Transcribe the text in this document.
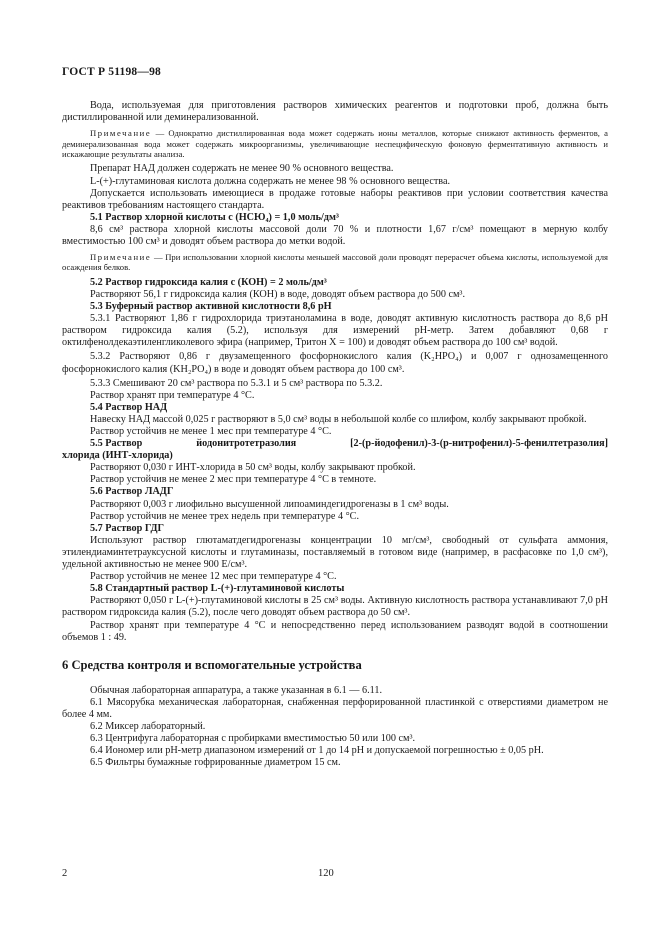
ГОСТ Р 51198—98

Вода, используемая для приготовления растворов химических реагентов и подготовки проб, должна быть дистиллированной или деминерализованной.

Примечание — Однократно дистиллированная вода может содержать ионы металлов, которые снижают активность ферментов, а деминерализованная вода может содержать микроорганизмы, увеличивающие неспецифическую фоновую ферментативную активность и искажающие результаты анализа.

Препарат НАД должен содержать не менее 90 % основного вещества.

L-(+)-глутаминовая кислота должна содержать не менее 98 % основного вещества.

Допускается использовать имеющиеся в продаже готовые наборы реактивов при условии соответствия качества реактивов требованиям настоящего стандарта.

5.1 Раствор хлорной кислоты с (НСЮ₄) = 1,0 моль/дм³

8,6 см³ раствора хлорной кислоты массовой доли 70 % и плотности 1,67 г/см³ помещают в мерную колбу вместимостью 100 см³ и доводят объем раствора до метки водой.

Примечание — При использовании хлорной кислоты меньшей массовой доли проводят перерасчет объема кислоты, используемой для осаждения белков.

5.2 Раствор гидроксида калия с (КОН) = 2 моль/дм³

Растворяют 56,1 г гидроксида калия (КОН) в воде, доводят объем раствора до 500 см³.

5.3 Буферный раствор активной кислотности 8,6 рН

5.3.1 Растворяют 1,86 г гидрохлорида триэтаноламина в воде, доводят активную кислотность раствора до 8,6 рН раствором гидроксида калия (5.2), используя для измерений рН-метр. Затем добавляют 0,68 г октилфенолдекаэтиленгликолевого эфира (например, Тритон X = 100) и доводят объем раствора до 100 см³ водой.

5.3.2 Растворяют 0,86 г двузамещенного фосфорнокислого калия (K₂HPO₄) и 0,007 г однозамещенного фосфорнокислого калия (KH₂PO₄) в воде и доводят объем раствора до 100 см³.

5.3.3 Смешивают 20 см³ раствора по 5.3.1 и 5 см³ раствора по 5.3.2.

Раствор хранят при температуре 4 °С.

5.4 Раствор НАД

Навеску НАД массой 0,025 г растворяют в 5,0 см³ воды в небольшой колбе со шлифом, колбу закрывают пробкой.

Раствор устойчив не менее 1 мес при температуре 4 °С.

5.5 Раствор	йодонитротетразолия	[2-(р-йодофенил)-3-(р-нитрофенил)-5-фенилтетразолия]

хлорида (ИНТ-хлорида)

Растворяют 0,030 г ИНТ-хлорида в 50 см³ воды, колбу закрывают пробкой.

Раствор устойчив не менее 2 мес при температуре 4 °С в темноте.

5.6 Раствор ЛАДГ

Растворяют 0,003 г лиофильно высушенной липоаминдегидрогеназы в 1 см³ воды.

Раствор устойчив не менее трех недель при температуре 4 °С.

5.7 Раствор ГДГ

Используют раствор глютаматдегидрогеназы концентрации 10 мг/см³, свободный от сульфата аммония, этилендиаминтетрауксусной кислоты и глутаминазы, поставляемый в готовом виде (например, в расфасовке по 1,0 см³), удельной активностью не менее 900 Е/см³.

Раствор устойчив не менее 12 мес при температуре 4 °С.

5.8 Стандартный раствор L-(+)-глутаминовой кислоты

Растворяют 0,050 г L-(+)-глутаминовой кислоты в 25 см³ воды. Активную кислотность раствора устанавливают 7,0 рН раствором гидроксида калия (5.2), после чего доводят объем раствора до 50 см³.

Раствор хранят при температуре 4 °С и непосредственно перед использованием разводят водой в соотношении объемов 1 : 49.

6 Средства контроля и вспомогательные устройства

Обычная лабораторная аппаратура, а также указанная в 6.1 — 6.11.

6.1 Мясорубка механическая лабораторная, снабженная перфорированной пластинкой с отверстиями диаметром не более 4 мм.

6.2 Миксер лабораторный.

6.3 Центрифуга лабораторная с пробирками вместимостью 50 или 100 см³.

6.4 Иономер или рН-метр диапазоном измерений от 1 до 14 рН и допускаемой погрешностью ± 0,05 рН.

6.5 Фильтры бумажные гофрированные диаметром 15 см.

2	120
